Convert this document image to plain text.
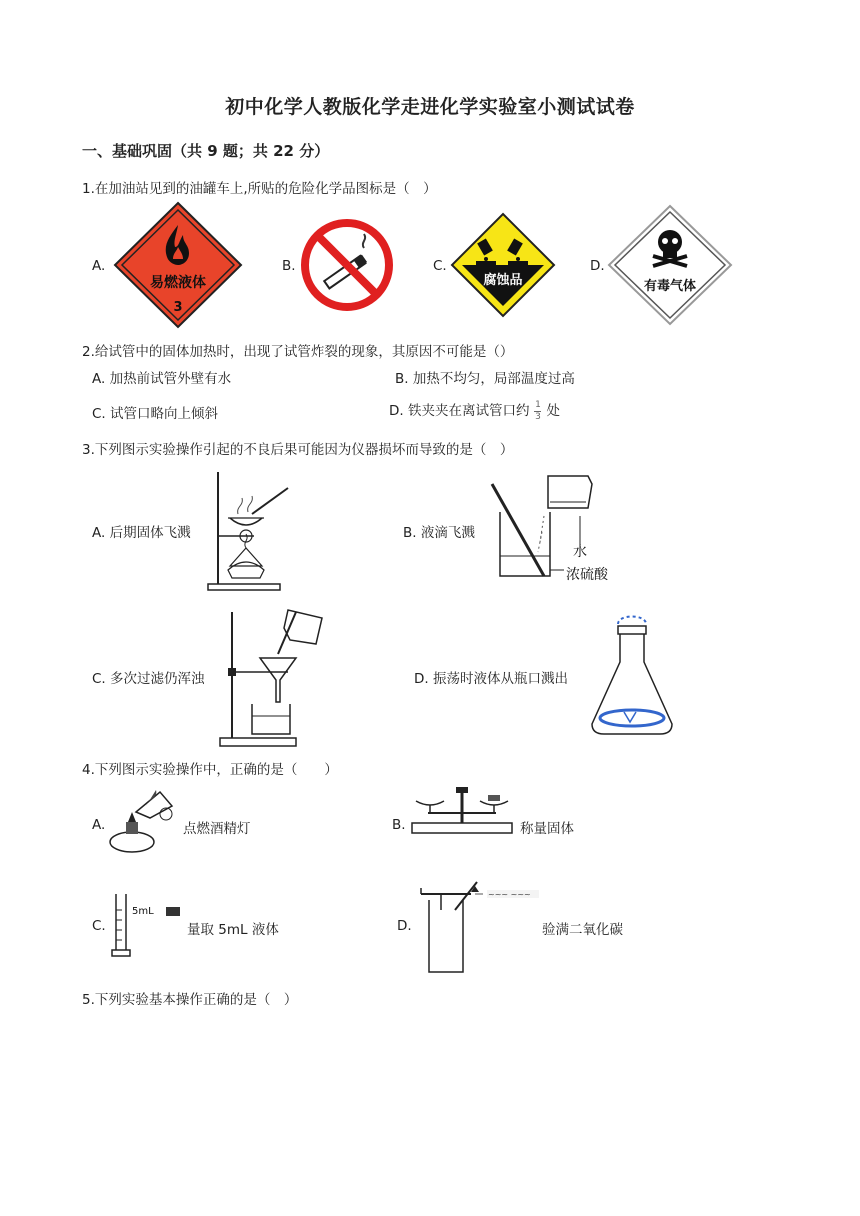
初中化学人教版化学走进化学实验室小测试试卷
一、基础巩固（共 9 题；共 22 分）
1.在加油站见到的油罐车上,所贴的危险化学品图标是（　）
A.
易燃液体
3
B.	C.
腐蚀品
D.
有毒气体
2.给试管中的固体加热时，出现了试管炸裂的现象，其原因不可能是（）
A. 加热前试管外壁有水	B. 加热不均匀，局部温度过高
C. 试管口略向上倾斜	D. 铁夹夹在离试管口约 $\frac{1}{3}$ 处
3.下列图示实验操作引起的不良后果可能因为仪器损坏而导致的是（　）
A. 后期固体飞溅	B. 液滴飞溅
水
浓硫酸
C. 多次过滤仍浑浊	D. 振荡时液体从瓶口溅出
4.下列图示实验操作中，正确的是（　　）
A.	点燃酒精灯	B.	称量固体
C.
5mL
量取 5mL 液体	D.
~~~ ~~~
验满二氧化碳
5.下列实验基本操作正确的是（　）
